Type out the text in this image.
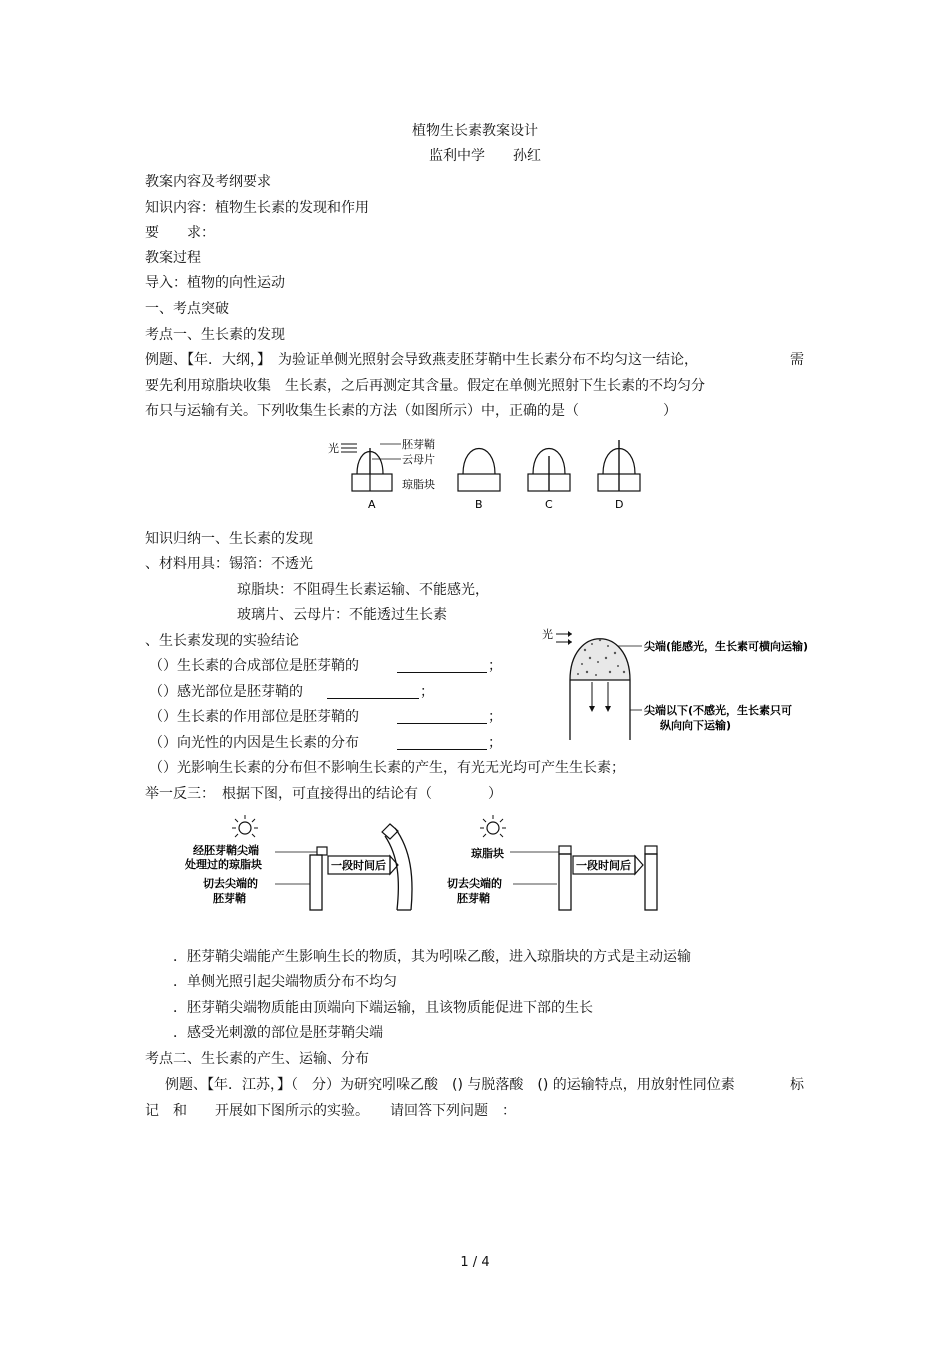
植物生长素教案设计
监利中学　　孙红
教案内容及考纲要求
知识内容：植物生长素的发现和作用
要　　求：
教案过程
导入：植物的向性运动
一、考点突破
考点一、生长素的发现
例题、【年．大纲，】　为验证单侧光照射会导致燕麦胚芽鞘中生长素分布不均匀这一结论，	需
要先利用琼脂块收集　生长素，之后再测定其含量。假定在单侧光照射下生长素的不均匀分
布只与运输有关。下列收集生长素的方法（如图所示）中，正确的是（　　　　　　）
光	胚芽鞘
云母片
琼脂块
A	B	C	D
知识归纳一、生长素的发现
、材料用具：锡箔：不透光
琼脂块：不阻碍生长素运输、不能感光，
玻璃片、云母片：不能透过生长素
、生长素发现的实验结论
（）生长素的合成部位是胚芽鞘的	；
（）感光部位是胚芽鞘的	；
（）生长素的作用部位是胚芽鞘的	；
（）向光性的内因是生长素的分布	；
（）光影响生长素的分布但不影响生长素的产生，有光无光均可产生生长素；
光
尖端(能感光，生长素可横向运输)
尖端以下(不感光，生长素只可
纵向向下运输)
举一反三：　根据下图，可直接得出的结论有（　　　　）
经胚芽鞘尖端
处理过的琼脂块
切去尖端的
胚芽鞘
一段时间后
琼脂块
切去尖端的
胚芽鞘
一段时间后
．胚芽鞘尖端能产生影响生长的物质，其为吲哚乙酸，进入琼脂块的方式是主动运输
．单侧光照引起尖端物质分布不均匀
．胚芽鞘尖端物质能由顶端向下端运输，且该物质能促进下部的生长
．感受光刺激的部位是胚芽鞘尖端
考点二、生长素的产生、运输、分布
例题、【年．江苏，】（　分）为研究吲哚乙酸　() 与脱落酸　() 的运输特点，用放射性同位素	标
记　和　　开展如下图所示的实验。　　请回答下列问题　：
1 / 4
